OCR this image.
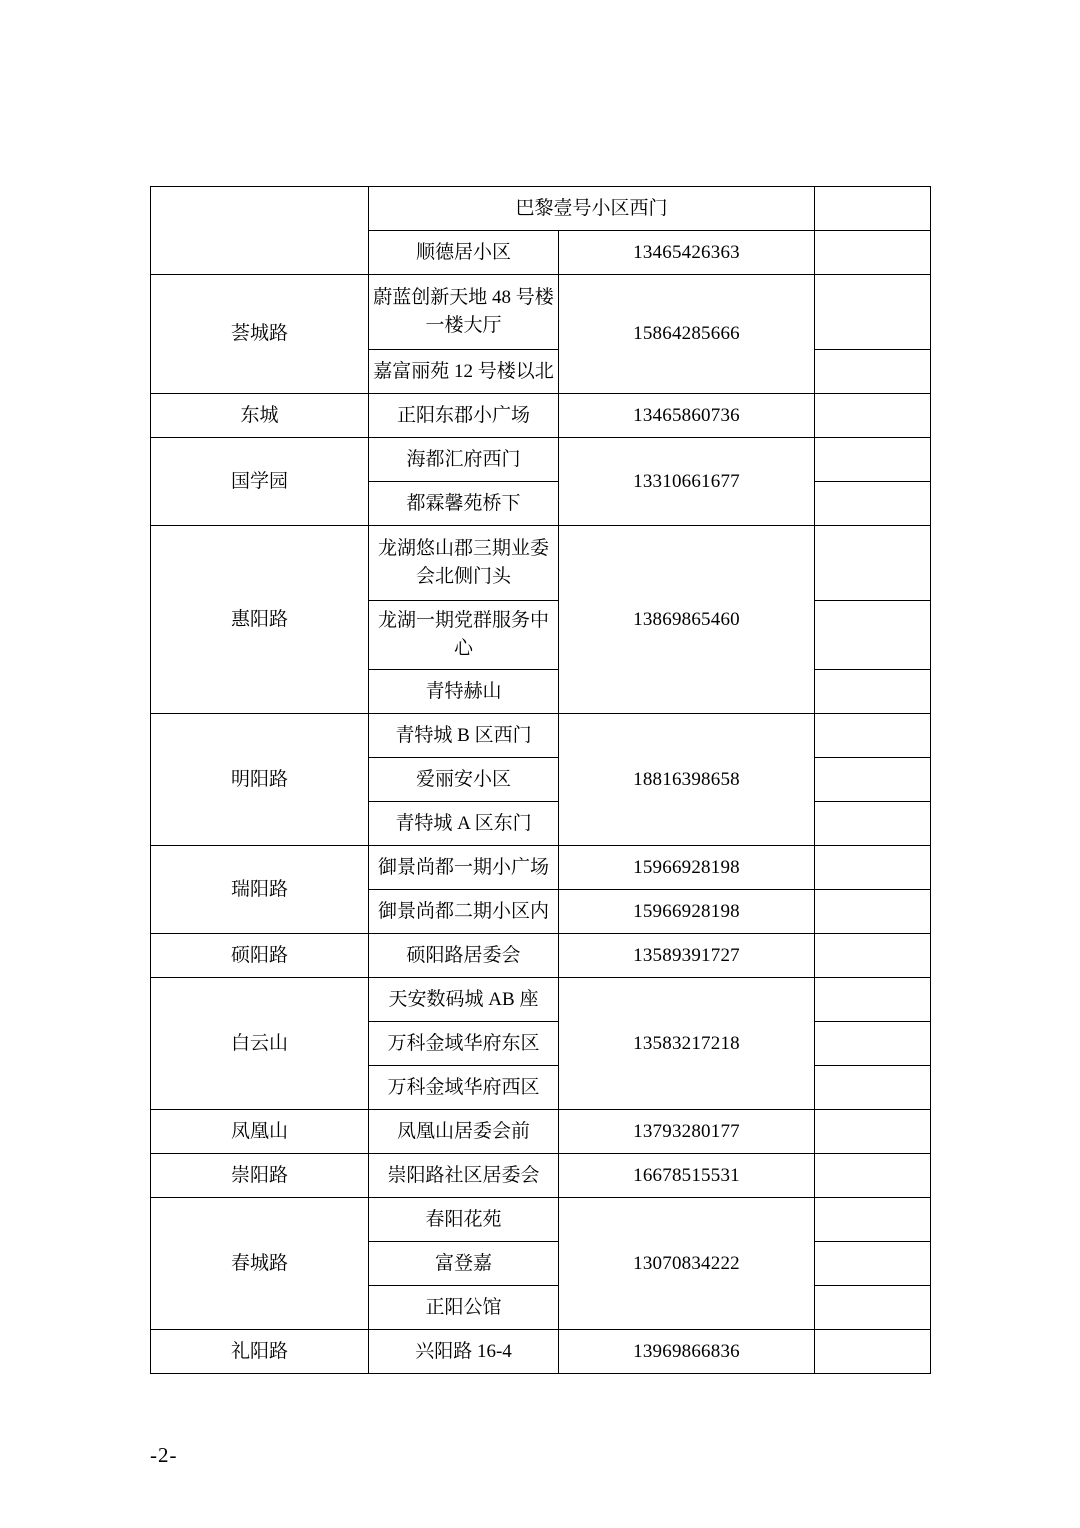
	巴黎壹号小区西门		
	顺德居小区	13465426363	
荟城路	蔚蓝创新天地 48 号楼一楼大厅	15864285666	
	嘉富丽苑 12 号楼以北		
东城	正阳东郡小广场	13465860736	
国学园	海都汇府西门	13310661677	
	都霖馨苑桥下		
惠阳路	龙湖悠山郡三期业委会北侧门头	13869865460	
	龙湖一期党群服务中心		
	青特赫山		
明阳路	青特城 B 区西门	18816398658	
	爱丽安小区		
	青特城 A 区东门		
瑞阳路	御景尚都一期小广场	15966928198	
	御景尚都二期小区内	15966928198	
硕阳路	硕阳路居委会	13589391727	
白云山	天安数码城 AB 座	13583217218	
	万科金域华府东区		
	万科金域华府西区		
凤凰山	凤凰山居委会前	13793280177	
崇阳路	崇阳路社区居委会	16678515531	
春城路	春阳花苑	13070834222	
	富登嘉		
	正阳公馆		
礼阳路	兴阳路 16-4	13969866836	
-2-
